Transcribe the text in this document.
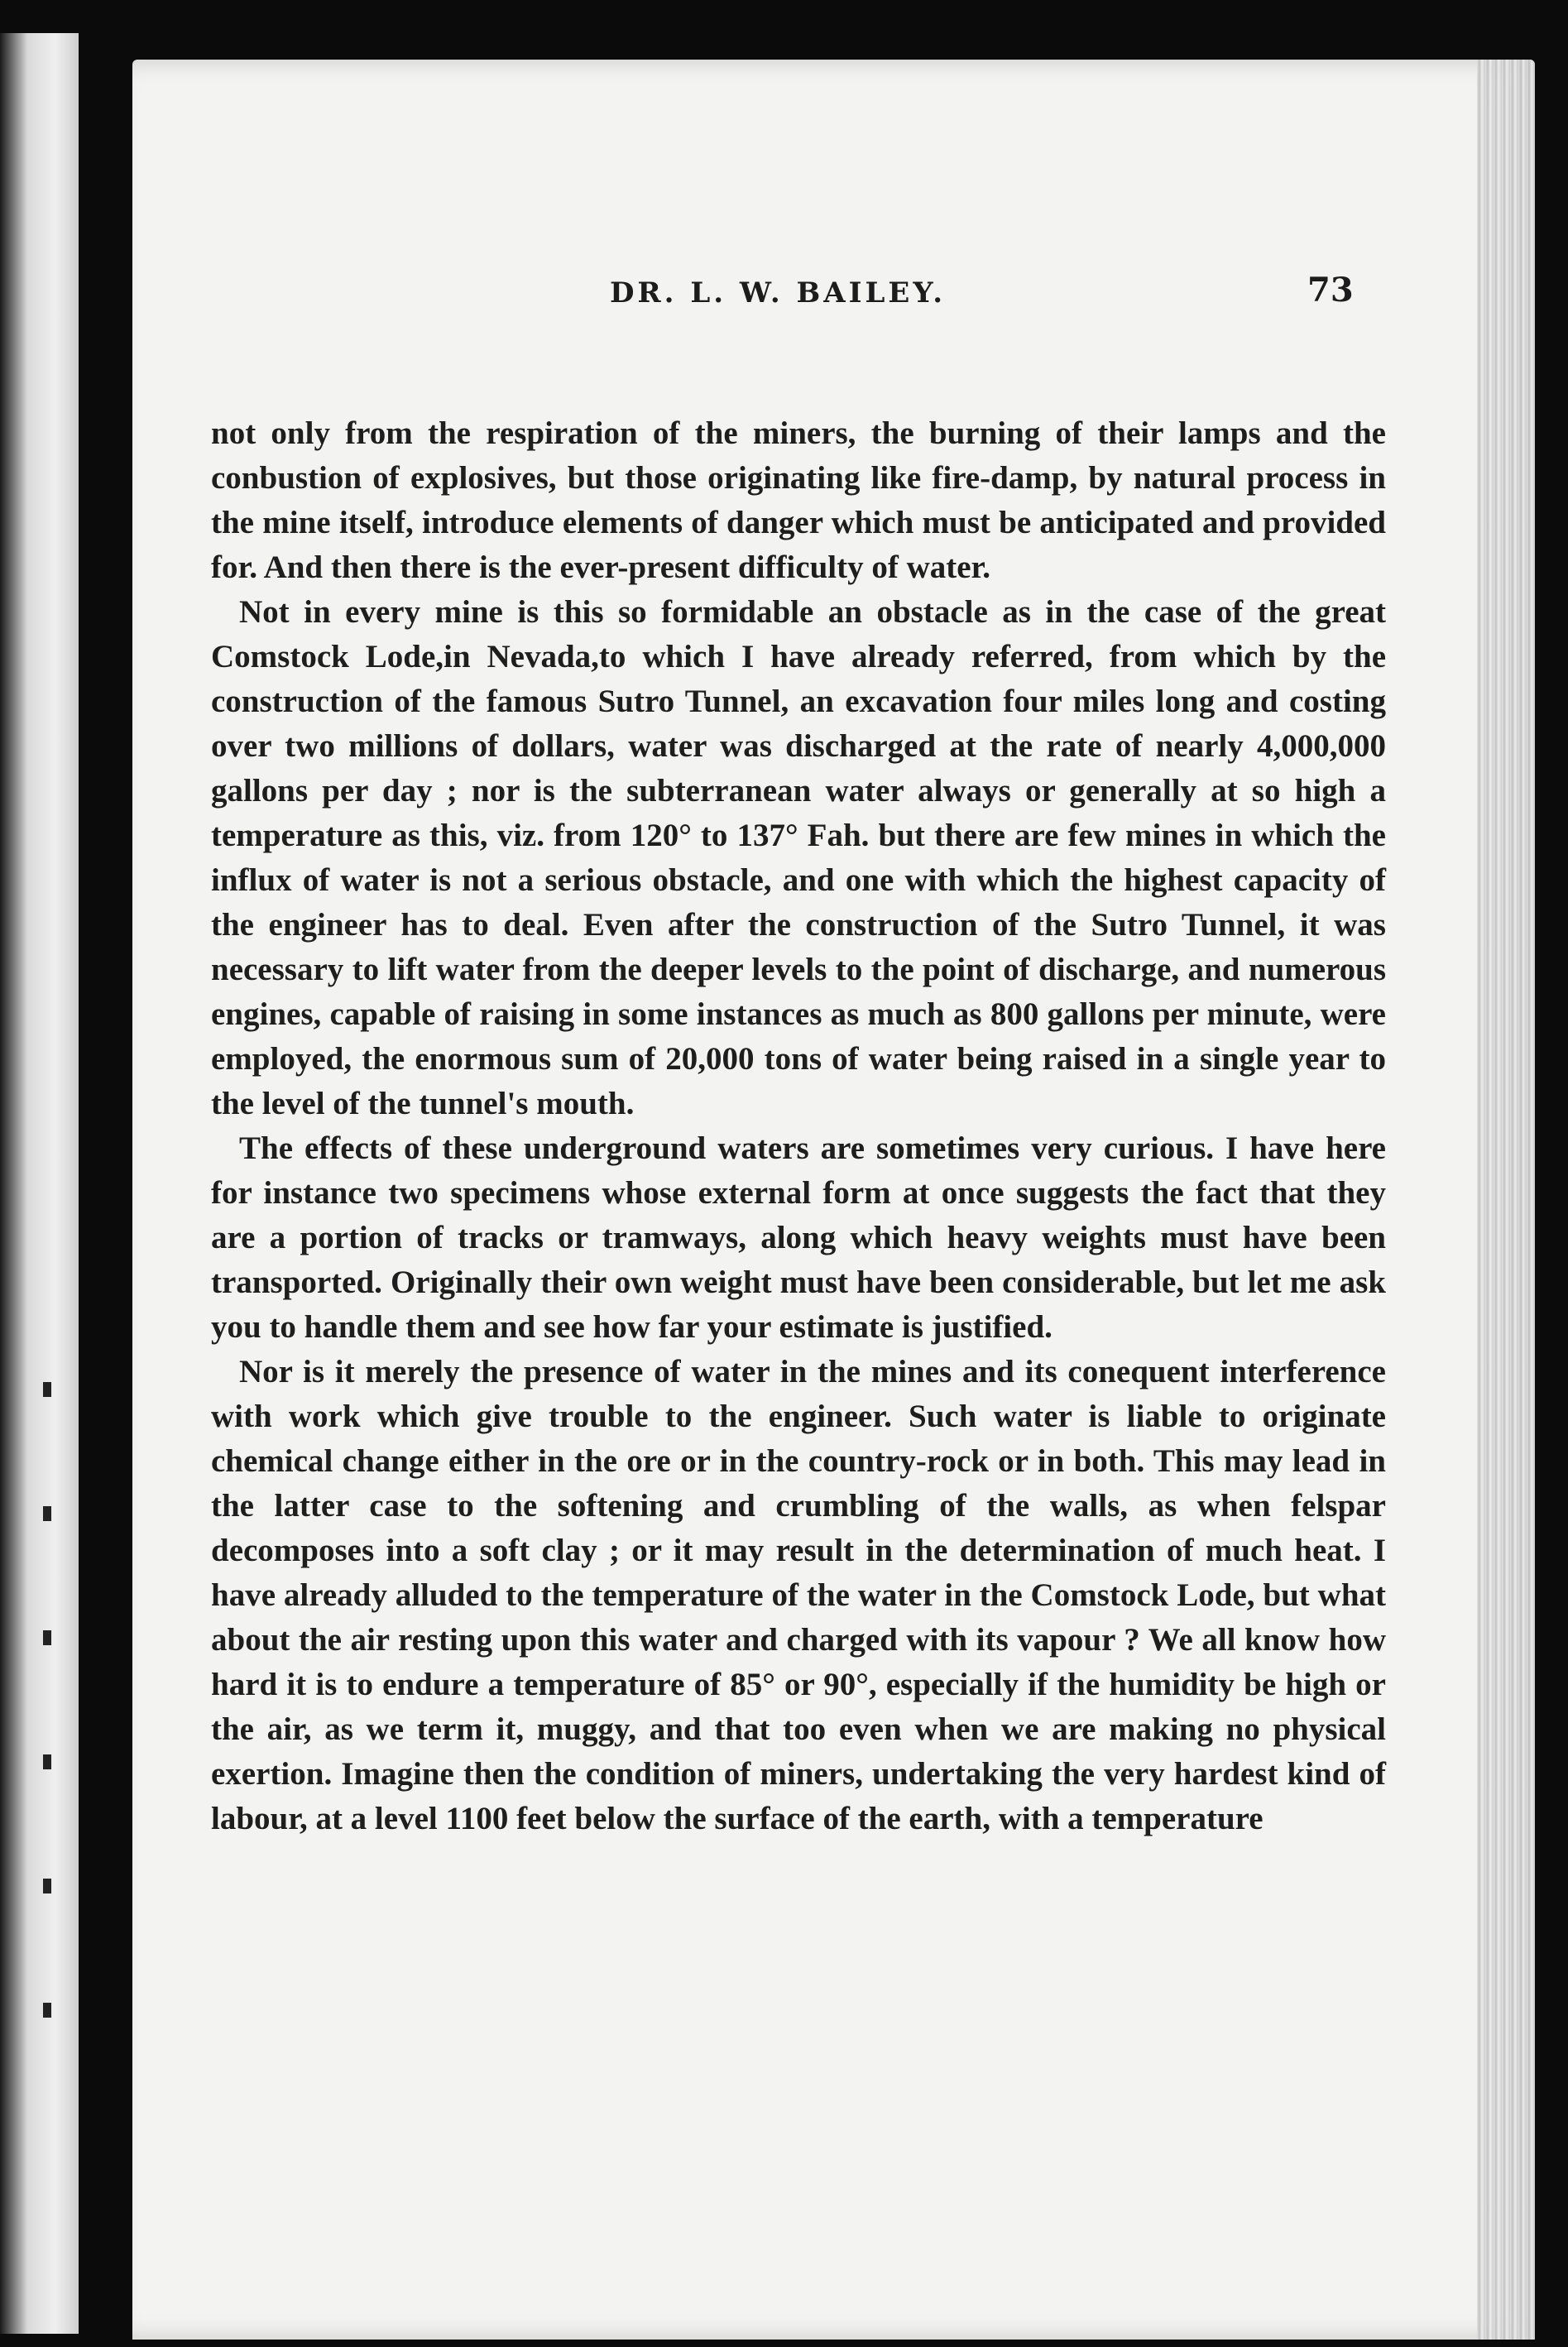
DR. L. W. BAILEY.	73

not only from the respiration of the miners, the burning of their lamps and the conbustion of explosives, but those originating like fire-damp, by natural process in the mine itself, introduce elements of danger which must be anticipated and provided for. And then there is the ever-present difficulty of water.

Not in every mine is this so formidable an obstacle as in the case of the great Comstock Lode,in Nevada,to which I have already referred, from which by the construction of the famous Sutro Tunnel, an excavation four miles long and costing over two millions of dollars, water was discharged at the rate of nearly 4,000,000 gallons per day ; nor is the subterranean water always or generally at so high a temperature as this, viz. from 120° to 137° Fah. but there are few mines in which the influx of water is not a serious obstacle, and one with which the highest capacity of the engineer has to deal. Even after the construction of the Sutro Tunnel, it was necessary to lift water from the deeper levels to the point of discharge, and numerous engines, capable of raising in some instances as much as 800 gallons per minute, were employed, the enormous sum of 20,000 tons of water being raised in a single year to the level of the tunnel's mouth.

The effects of these underground waters are sometimes very curious. I have here for instance two specimens whose external form at once suggests the fact that they are a portion of tracks or tramways, along which heavy weights must have been transported. Originally their own weight must have been considerable, but let me ask you to handle them and see how far your estimate is justified.

Nor is it merely the presence of water in the mines and its conequent interference with work which give trouble to the engineer. Such water is liable to originate chemical change either in the ore or in the country-rock or in both. This may lead in the latter case to the softening and crumbling of the walls, as when felspar decomposes into a soft clay ; or it may result in the determination of much heat. I have already alluded to the temperature of the water in the Comstock Lode, but what about the air resting upon this water and charged with its vapour ? We all know how hard it is to endure a temperature of 85° or 90°, especially if the humidity be high or the air, as we term it, muggy, and that too even when we are making no physical exertion. Imagine then the condition of miners, undertaking the very hardest kind of labour, at a level 1100 feet below the surface of the earth, with a temperature
